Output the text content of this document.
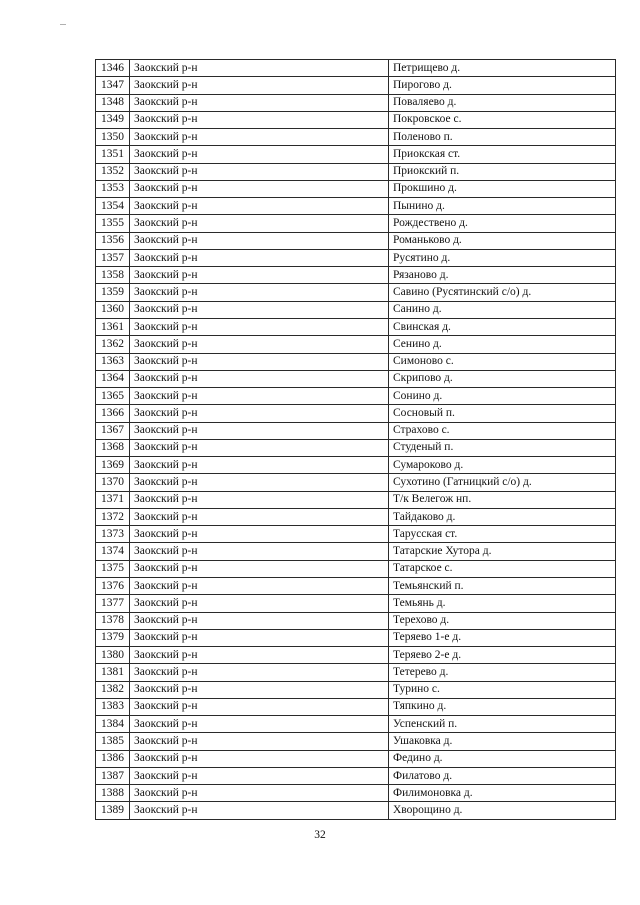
1346	Заокский р-н	Петрищево д.
1347	Заокский р-н	Пирогово д.
1348	Заокский р-н	Поваляево д.
1349	Заокский р-н	Покровское с.
1350	Заокский р-н	Поленово п.
1351	Заокский р-н	Приокская ст.
1352	Заокский р-н	Приокский п.
1353	Заокский р-н	Прокшино д.
1354	Заокский р-н	Пынино д.
1355	Заокский р-н	Рождествено д.
1356	Заокский р-н	Романьково д.
1357	Заокский р-н	Русятино д.
1358	Заокский р-н	Рязаново д.
1359	Заокский р-н	Савино (Русятинский с/о) д.
1360	Заокский р-н	Санино д.
1361	Заокский р-н	Свинская д.
1362	Заокский р-н	Сенино д.
1363	Заокский р-н	Симоново с.
1364	Заокский р-н	Скрипово д.
1365	Заокский р-н	Сонино д.
1366	Заокский р-н	Сосновый п.
1367	Заокский р-н	Страхово с.
1368	Заокский р-н	Студеный п.
1369	Заокский р-н	Сумароково д.
1370	Заокский р-н	Сухотино (Гатницкий с/о) д.
1371	Заокский р-н	Т/к Велегож нп.
1372	Заокский р-н	Тайдаково д.
1373	Заокский р-н	Тарусская ст.
1374	Заокский р-н	Татарские Хутора д.
1375	Заокский р-н	Татарское с.
1376	Заокский р-н	Темьянский п.
1377	Заокский р-н	Темьянь д.
1378	Заокский р-н	Терехово д.
1379	Заокский р-н	Теряево 1-е д.
1380	Заокский р-н	Теряево 2-е д.
1381	Заокский р-н	Тетерево д.
1382	Заокский р-н	Турино с.
1383	Заокский р-н	Тяпкино д.
1384	Заокский р-н	Успенский п.
1385	Заокский р-н	Ушаковка д.
1386	Заокский р-н	Федино д.
1387	Заокский р-н	Филатово д.
1388	Заокский р-н	Филимоновка д.
1389	Заокский р-н	Хворощино д.
32
